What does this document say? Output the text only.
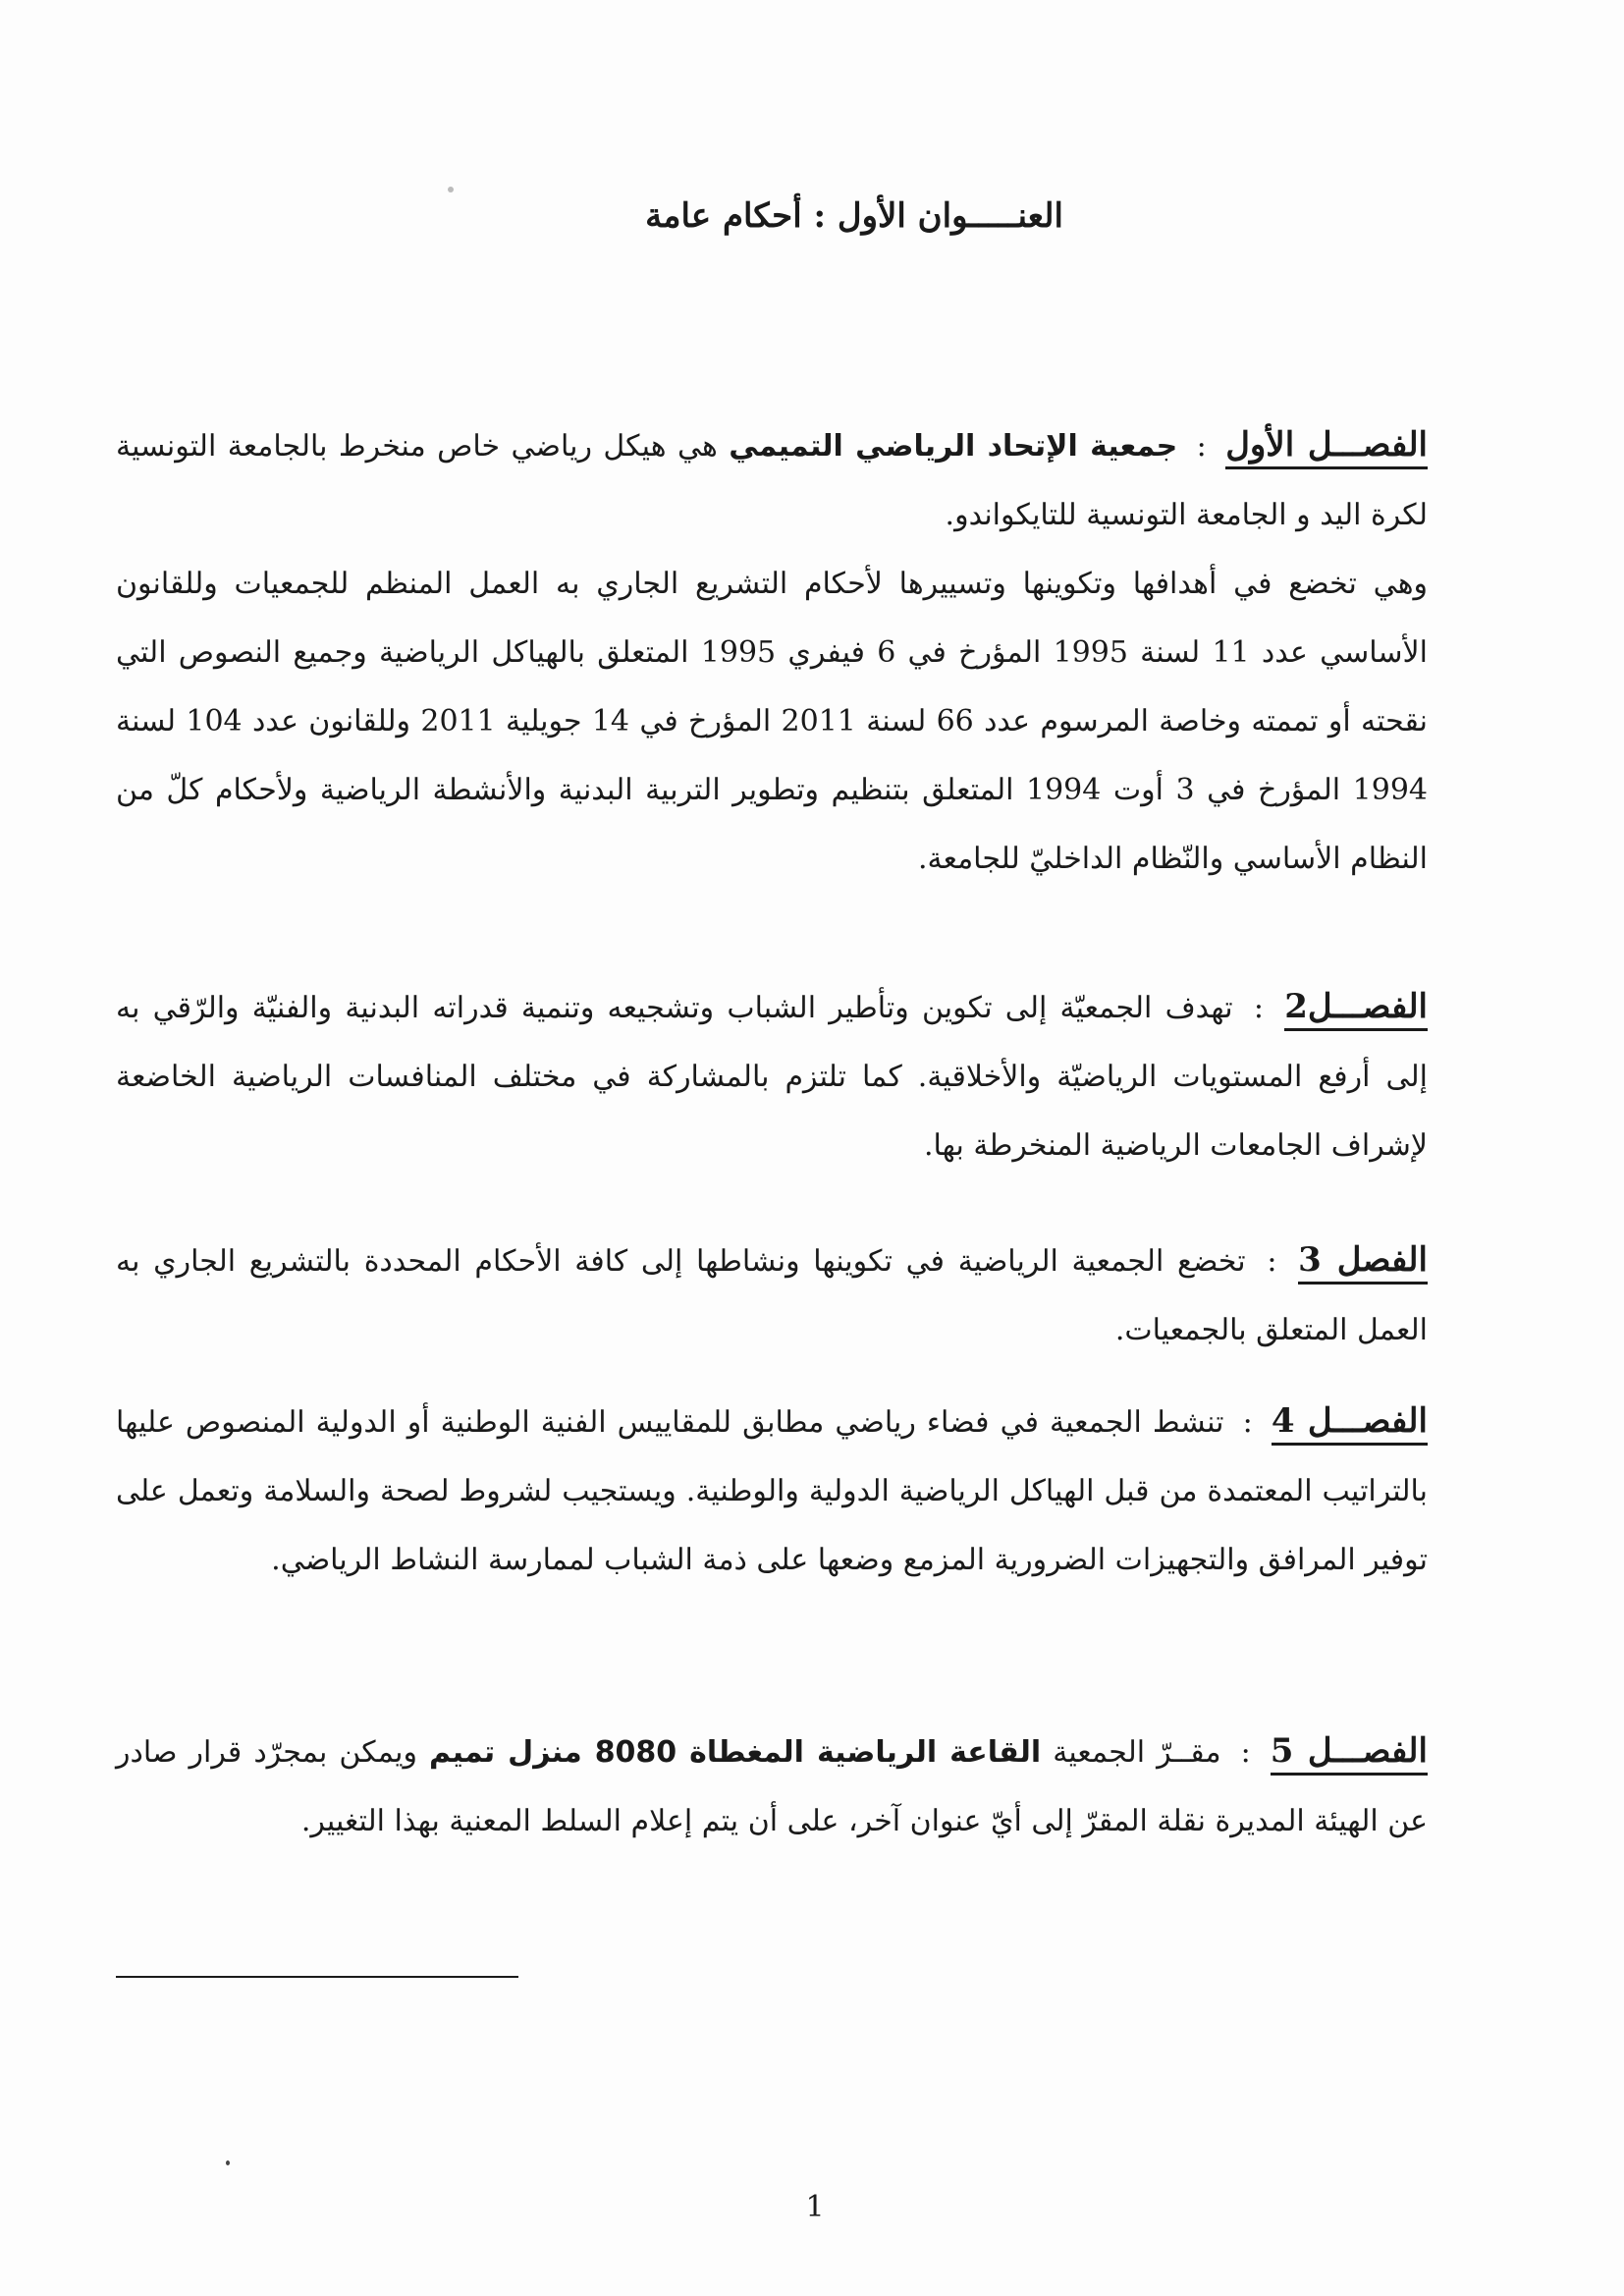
العنـــــوان الأول : أحكام عامة
الفصـــل الأول : جمعية الإتحاد الرياضي التميمي هي هيكل رياضي خاص منخرط بالجامعة التونسية لكرة اليد و الجامعة التونسية للتايكواندو.
وهي تخضع في أهدافها وتكوينها وتسييرها لأحكام التشريع الجاري به العمل المنظم للجمعيات وللقانون الأساسي عدد 11 لسنة 1995 المؤرخ في 6 فيفري 1995 المتعلق بالهياكل الرياضية وجميع النصوص التي نقحته أو تممته وخاصة المرسوم عدد 66 لسنة 2011 المؤرخ في 14 جويلية 2011 وللقانون عدد 104 لسنة 1994 المؤرخ في 3 أوت 1994 المتعلق بتنظيم وتطوير التربية البدنية والأنشطة الرياضية ولأحكام كلّ من النظام الأساسي والنّظام الداخليّ للجامعة.
الفصـــل2 : تهدف الجمعيّة إلى تكوين وتأطير الشباب وتشجيعه وتنمية قدراته البدنية والفنيّة والرّقي به إلى أرفع المستويات الرياضيّة والأخلاقية. كما تلتزم بالمشاركة في مختلف المنافسات الرياضية الخاضعة لإشراف الجامعات الرياضية المنخرطة بها.
الفصل 3 : تخضع الجمعية الرياضية في تكوينها ونشاطها إلى كافة الأحكام المحددة بالتشريع الجاري به العمل المتعلق بالجمعيات.
الفصـــل 4 : تنشط الجمعية في فضاء رياضي مطابق للمقاييس الفنية الوطنية أو الدولية المنصوص عليها بالتراتيب المعتمدة من قبل الهياكل الرياضية الدولية والوطنية. ويستجيب لشروط لصحة والسلامة وتعمل على توفير المرافق والتجهيزات الضرورية المزمع وضعها على ذمة الشباب لممارسة النشاط الرياضي.
الفصـــل 5 : مقــرّ الجمعية القاعة الرياضية المغطاة 8080 منزل تميم ويمكن بمجرّد قرار صادر عن الهيئة المديرة نقلة المقرّ إلى أيّ عنوان آخر، على أن يتم إعلام السلط المعنية بهذا التغيير.
1
